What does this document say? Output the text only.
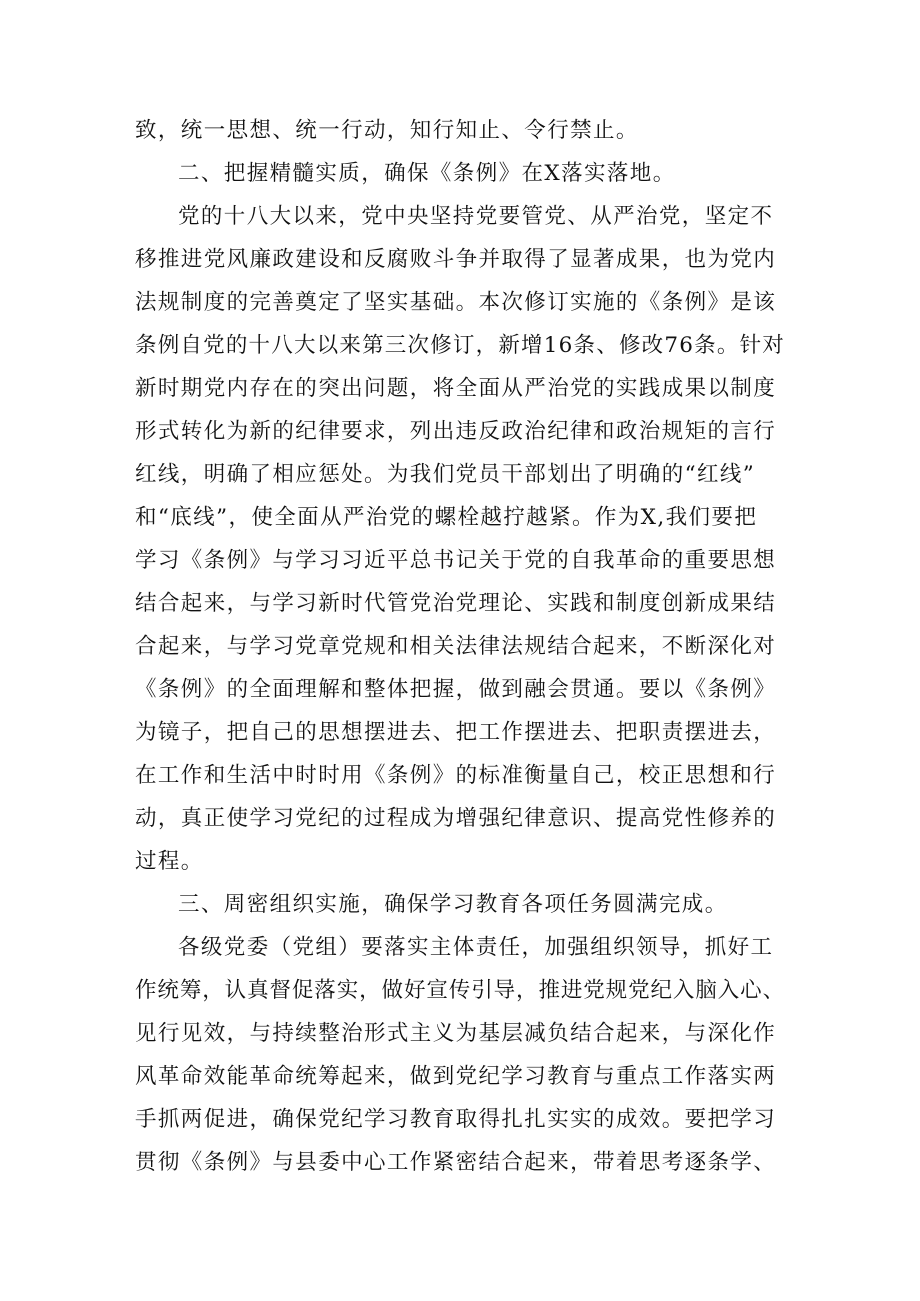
致，统一思想、统一行动，知行知止、令行禁止。
二、把握精髓实质，确保《条例》在X落实落地。
党的十八大以来，党中央坚持党要管党、从严治党，坚定不
移推进党风廉政建设和反腐败斗争并取得了显著成果，也为党内
法规制度的完善奠定了坚实基础。本次修订实施的《条例》是该
条例自党的十八大以来第三次修订，新增16条、修改76条。针对
新时期党内存在的突出问题，将全面从严治党的实践成果以制度
形式转化为新的纪律要求，列出违反政治纪律和政治规矩的言行
红线，明确了相应惩处。为我们党员干部划出了明确的“红线”
和“底线”，使全面从严治党的螺栓越拧越紧。作为X,我们要把
学习《条例》与学习习近平总书记关于党的自我革命的重要思想
结合起来，与学习新时代管党治党理论、实践和制度创新成果结
合起来，与学习党章党规和相关法律法规结合起来，不断深化对
《条例》的全面理解和整体把握，做到融会贯通。要以《条例》
为镜子，把自己的思想摆进去、把工作摆进去、把职责摆进去，
在工作和生活中时时用《条例》的标准衡量自己，校正思想和行
动，真正使学习党纪的过程成为增强纪律意识、提高党性修养的
过程。
三、周密组织实施，确保学习教育各项任务圆满完成。
各级党委（党组）要落实主体责任，加强组织领导，抓好工
作统筹，认真督促落实，做好宣传引导，推进党规党纪入脑入心、
见行见效，与持续整治形式主义为基层减负结合起来，与深化作
风革命效能革命统筹起来，做到党纪学习教育与重点工作落实两
手抓两促进，确保党纪学习教育取得扎扎实实的成效。要把学习
贯彻《条例》与县委中心工作紧密结合起来，带着思考逐条学、
